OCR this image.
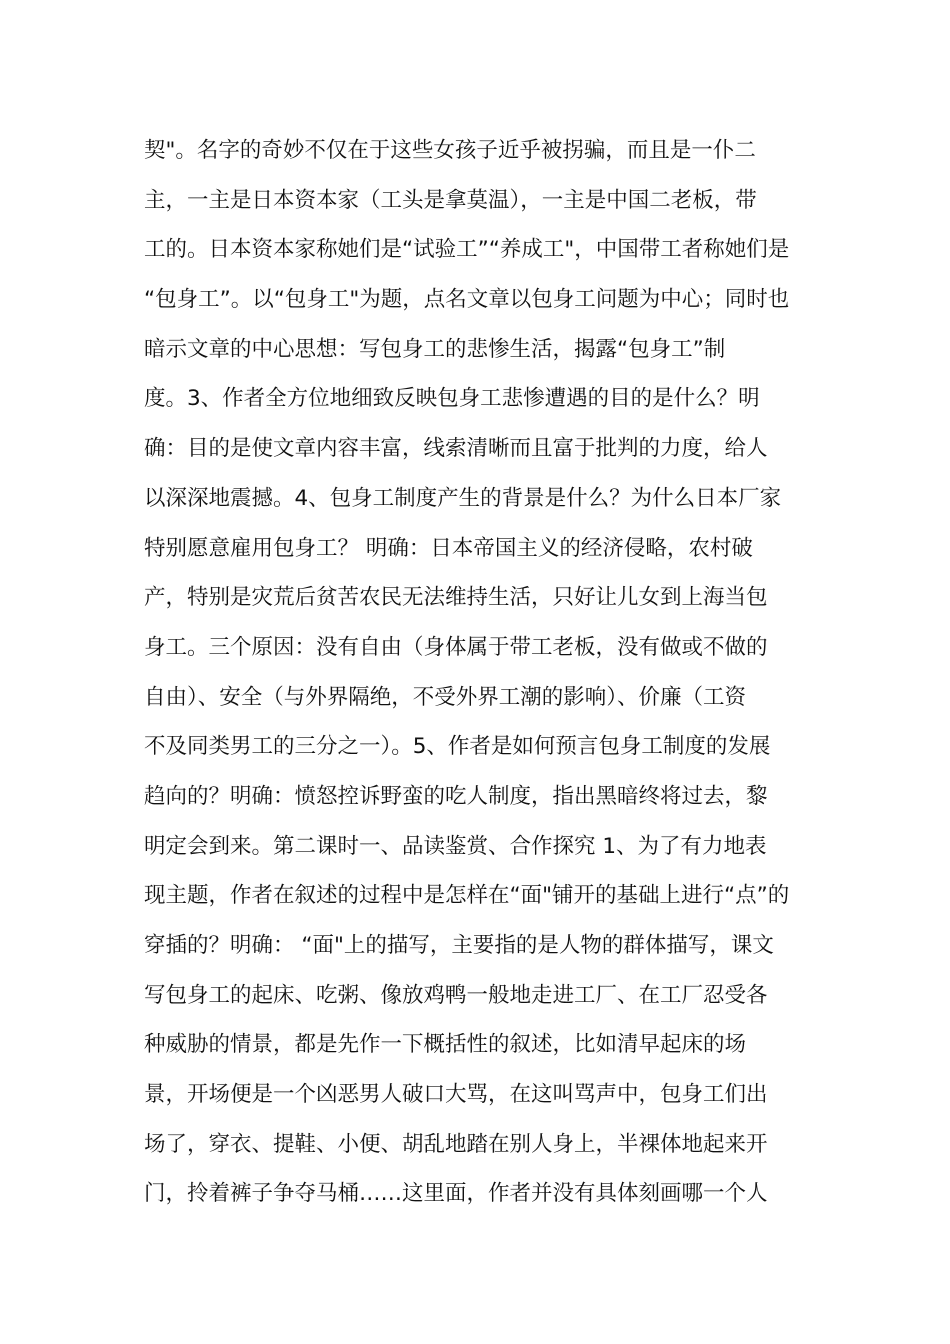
契"。名字的奇妙不仅在于这些女孩子近乎被拐骗，而且是一仆二
主，一主是日本资本家（工头是拿莫温），一主是中国二老板，带
工的。日本资本家称她们是“试验工”“养成工"，中国带工者称她们是
“包身工”。以“包身工"为题，点名文章以包身工问题为中心；同时也
暗示文章的中心思想：写包身工的悲惨生活，揭露“包身工”制
度。3、作者全方位地细致反映包身工悲惨遭遇的目的是什么？明
确：目的是使文章内容丰富，线索清晰而且富于批判的力度，给人
以深深地震撼。4、包身工制度产生的背景是什么？为什么日本厂家
特别愿意雇用包身工？ 明确：日本帝国主义的经济侵略，农村破
产，特别是灾荒后贫苦农民无法维持生活，只好让儿女到上海当包
身工。三个原因：没有自由（身体属于带工老板，没有做或不做的
自由）、安全（与外界隔绝，不受外界工潮的影响）、价廉（工资
不及同类男工的三分之一）。5、作者是如何预言包身工制度的发展
趋向的？明确：愤怒控诉野蛮的吃人制度，指出黑暗终将过去，黎
明定会到来。第二课时一、品读鉴赏、合作探究 1、为了有力地表
现主题，作者在叙述的过程中是怎样在“面"铺开的基础上进行“点”的
穿插的？明确： “面"上的描写，主要指的是人物的群体描写，课文
写包身工的起床、吃粥、像放鸡鸭一般地走进工厂、在工厂忍受各
种威胁的情景，都是先作一下概括性的叙述，比如清早起床的场
景，开场便是一个凶恶男人破口大骂，在这叫骂声中，包身工们出
场了，穿衣、提鞋、小便、胡乱地踏在别人身上，半裸体地起来开
门，拎着裤子争夺马桶……这里面，作者并没有具体刻画哪一个人
